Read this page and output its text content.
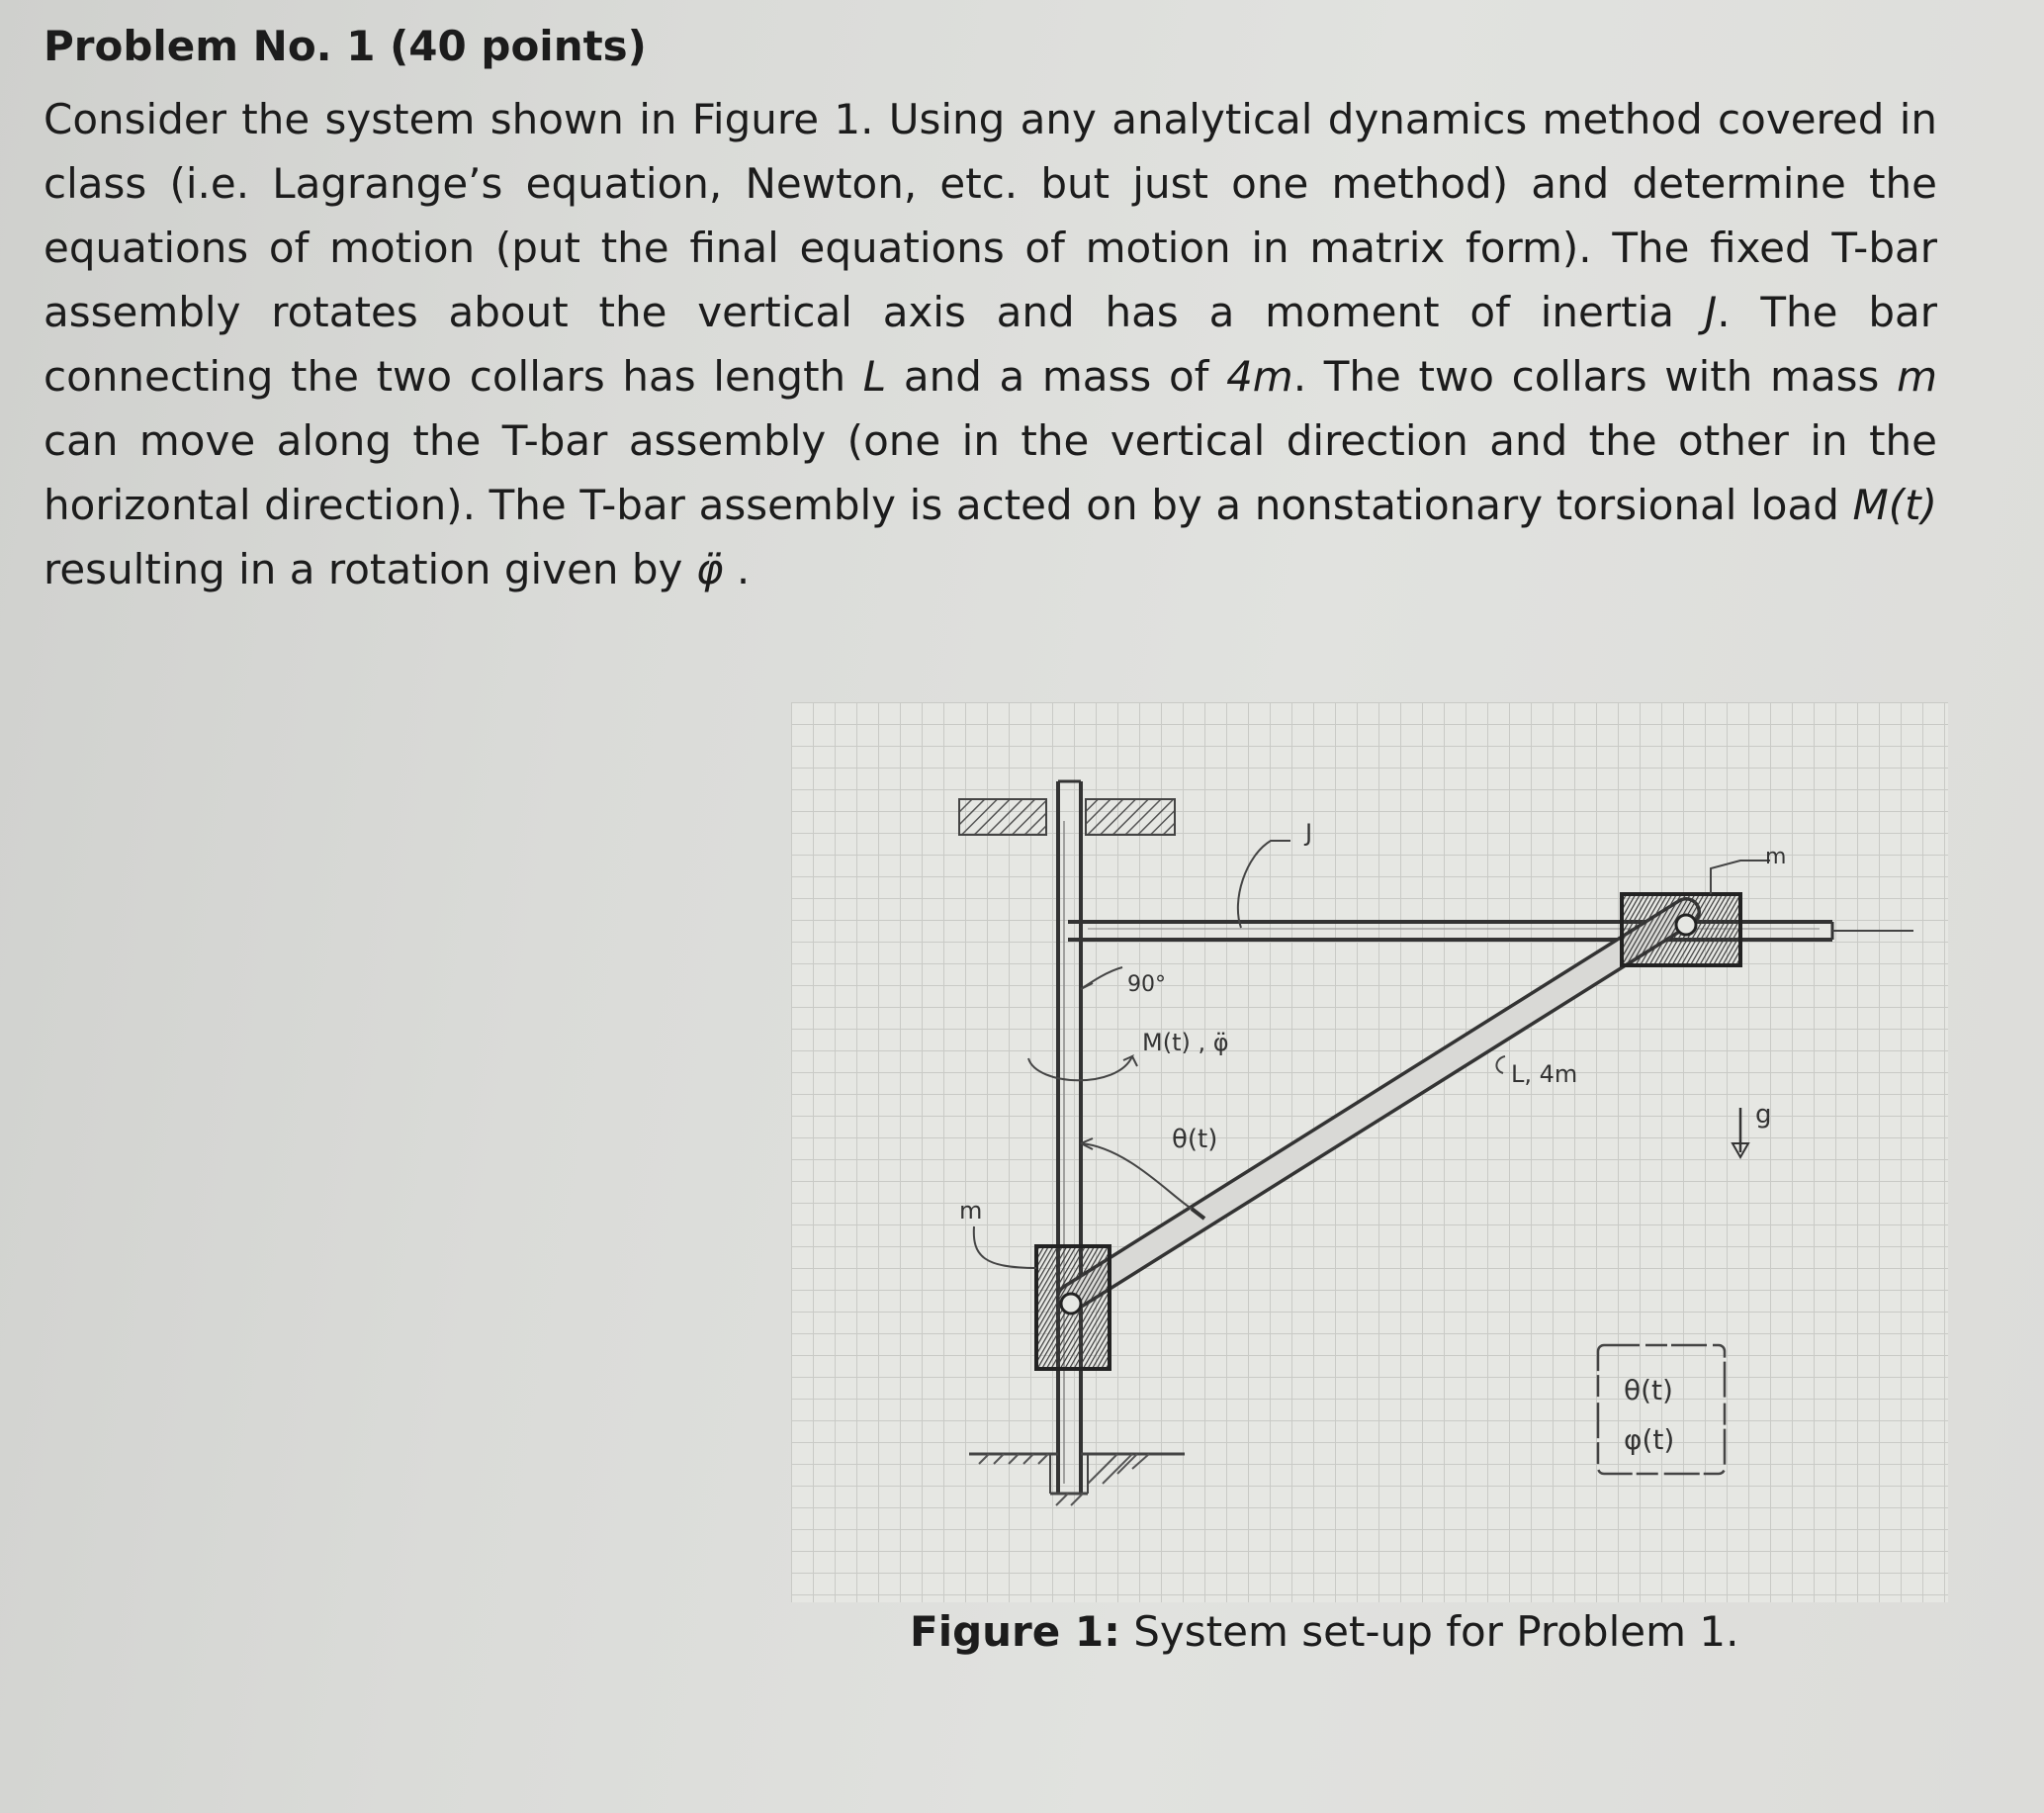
Problem No. 1 (40 points)

Consider the system shown in Figure 1. Using any analytical dynamics method covered in class (i.e. Lagrange’s equation, Newton, etc. but just one method) and determine the equations of motion (put the final equations of motion in matrix form). The fixed T-bar assembly rotates about the vertical axis and has a moment of inertia J. The bar connecting the two collars has length L and a mass of 4m. The two collars with mass m can move along the T-bar assembly (one in the vertical direction and the other in the horizontal direction). The T-bar assembly is acted on by a nonstationary torsional load M(t) resulting in a rotation given by φ̈ .

J
m
m
90°
M(t) , φ̈
L, 4m
θ(t)
g
θ(t)
φ(t)
Figure 1: System set-up for Problem 1.
